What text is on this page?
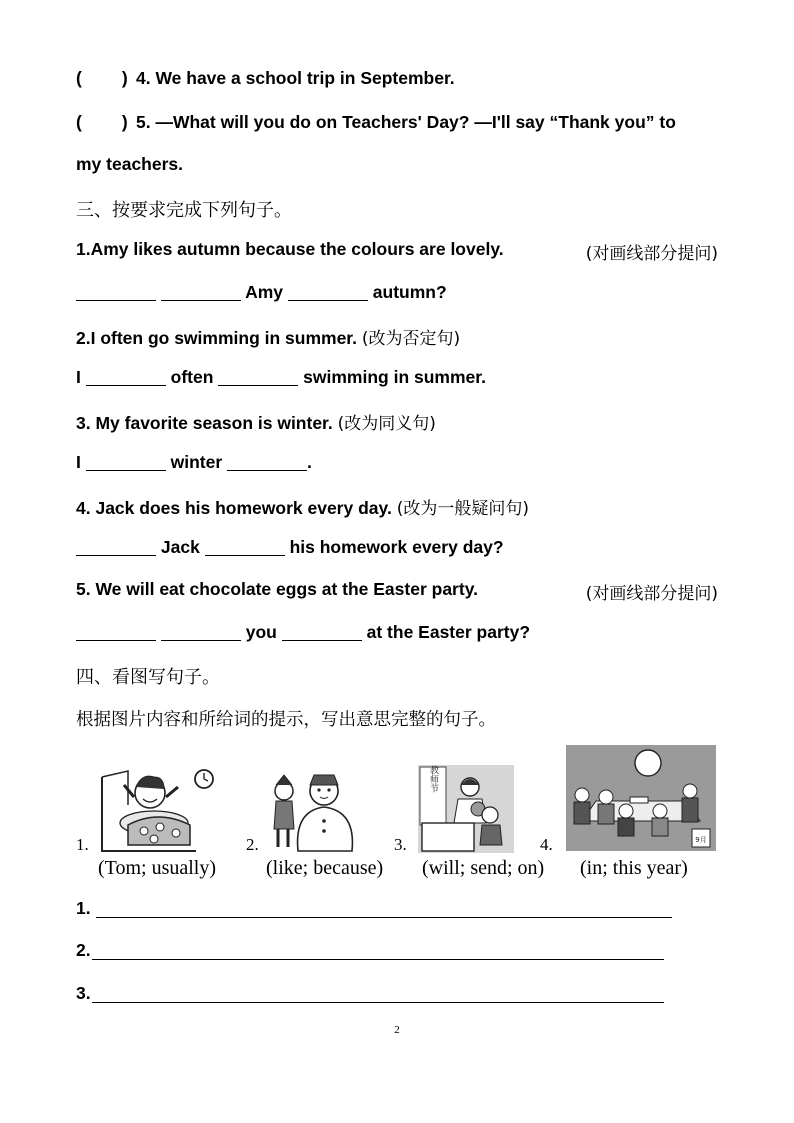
( ) 4. We have a school trip in September.
( ) 5. —What will you do on Teachers' Day? —I'll say “Thank you” to
my teachers.
三、按要求完成下列句子。
1.Amy likes autumn because the colours are lovely.	(对画线部分提问)
Amy	autumn?
2.I often go swimming in summer. (改为否定句)
I	often	swimming in summer.
3. My favorite season is winter. (改为同义句)
I	winter	.
4. Jack does his homework every day. (改为一般疑问句)
Jack	his homework every day?
5. We will eat chocolate eggs at the Easter party.	(对画线部分提问)
you	at the Easter party?
四、看图写句子。
根据图片内容和所给词的提示，写出意思完整的句子。
教师节
9月
1.	2.	3.	4.
(Tom; usually) (like; because) (will; send; on) (in; this year)
1.
2.
3.
2
